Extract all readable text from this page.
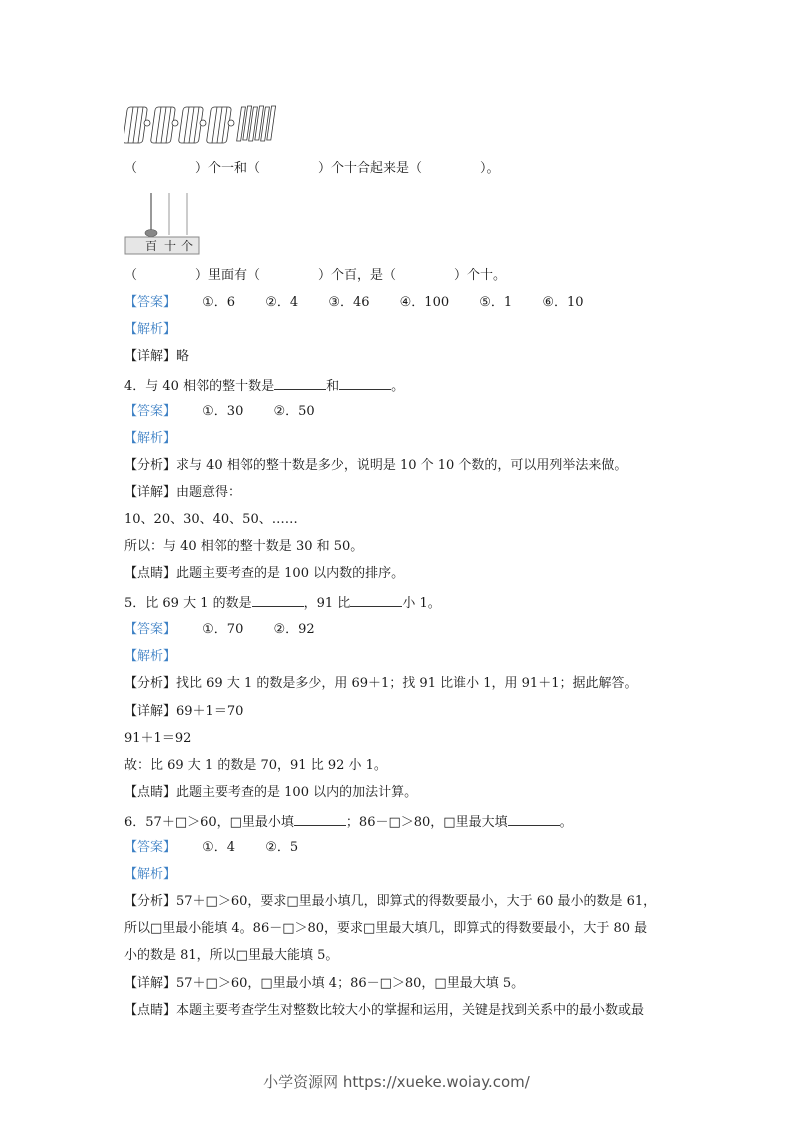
（	）个一和（	）个十合起来是（	）。
百 十 个
（	）里面有（	）个百，是（	）个十。
【答案】 ①．6 ②．4 ③．46 ④．100 ⑤．1 ⑥．10
【解析】
【详解】略
4．与 40 相邻的整十数是	和	。
【答案】 ①．30 ②．50
【解析】
【分析】求与 40 相邻的整十数是多少，说明是 10 个 10 个数的，可以用列举法来做。
【详解】由题意得：
10、20、30、40、50、……
所以：与 40 相邻的整十数是 30 和 50。
【点睛】此题主要考查的是 100 以内数的排序。
5．比 69 大 1 的数是	，91 比	小 1。
【答案】 ①．70 ②．92
【解析】
【分析】找比 69 大 1 的数是多少，用 69＋1；找 91 比谁小 1，用 91＋1；据此解答。
【详解】69＋1＝70
91＋1＝92
故：比 69 大 1 的数是 70，91 比 92 小 1。
【点睛】此题主要考查的是 100 以内的加法计算。
6．57＋□＞60，□里最小填	；86－□＞80，□里最大填	。
【答案】 ①．4 ②．5
【解析】
【分析】57＋□＞60，要求□里最小填几，即算式的得数要最小，大于 60 最小的数是 61，
所以□里最小能填 4。86－□＞80，要求□里最大填几，即算式的得数要最小，大于 80 最
小的数是 81，所以□里最大能填 5。
【详解】57＋□＞60，□里最小填 4；86－□＞80，□里最大填 5。
【点睛】本题主要考查学生对整数比较大小的掌握和运用，关键是找到关系中的最小数或最
小学资源网 https://xueke.woiay.com/
